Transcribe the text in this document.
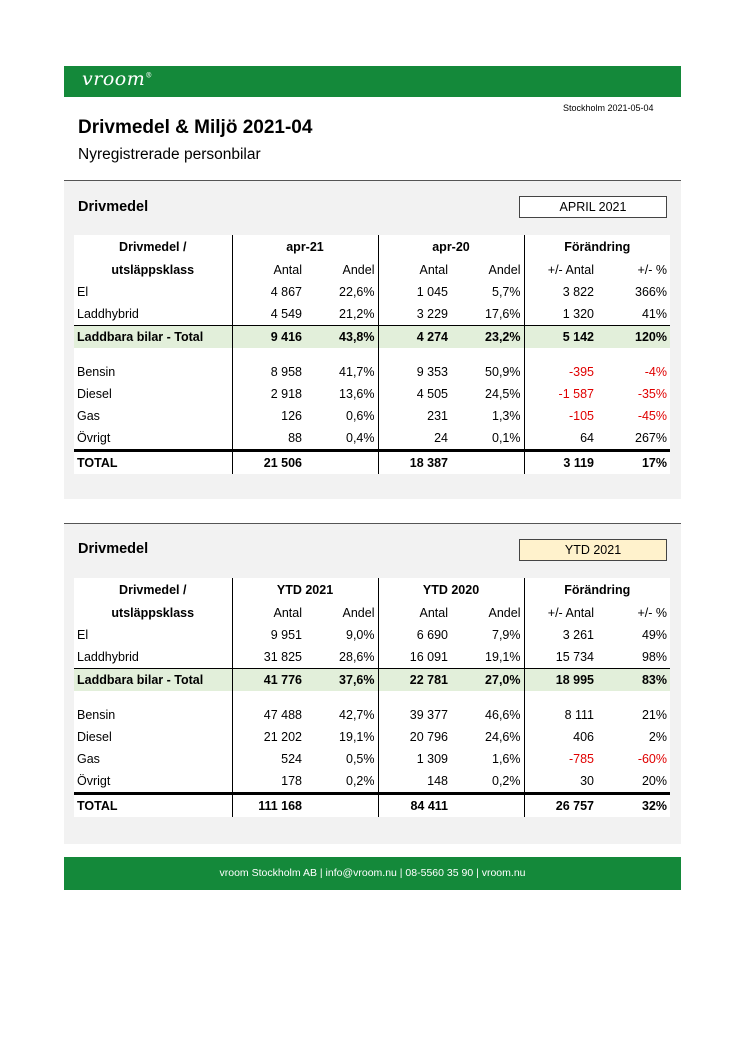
vroom®
Stockholm 2021-05-04
Drivmedel & Miljö 2021-04
Nyregistrerade personbilar
Drivmedel	APRIL 2021
Drivmedel /	apr-21		apr-20		Förändring	
utsläppsklass	Antal	Andel	Antal	Andel	+/- Antal	+/- %
El	4 867	22,6%	1 045	5,7%	3 822	366%
Laddhybrid	4 549	21,2%	3 229	17,6%	1 320	41%
Laddbara bilar - Total	9 416	43,8%	4 274	23,2%	5 142	120%

Bensin	8 958	41,7%	9 353	50,9%	-395	-4%
Diesel	2 918	13,6%	4 505	24,5%	-1 587	-35%
Gas	126	0,6%	231	1,3%	-105	-45%
Övrigt	88	0,4%	24	0,1%	64	267%
TOTAL	21 506		18 387		3 119	17%
Drivmedel	YTD 2021
Drivmedel /	YTD 2021		YTD 2020		Förändring	
utsläppsklass	Antal	Andel	Antal	Andel	+/- Antal	+/- %
El	9 951	9,0%	6 690	7,9%	3 261	49%
Laddhybrid	31 825	28,6%	16 091	19,1%	15 734	98%
Laddbara bilar - Total	41 776	37,6%	22 781	27,0%	18 995	83%

Bensin	47 488	42,7%	39 377	46,6%	8 111	21%
Diesel	21 202	19,1%	20 796	24,6%	406	2%
Gas	524	0,5%	1 309	1,6%	-785	-60%
Övrigt	178	0,2%	148	0,2%	30	20%
TOTAL	111 168		84 411		26 757	32%
vroom Stockholm AB | info@vroom.nu | 08-5560 35 90 | vroom.nu
